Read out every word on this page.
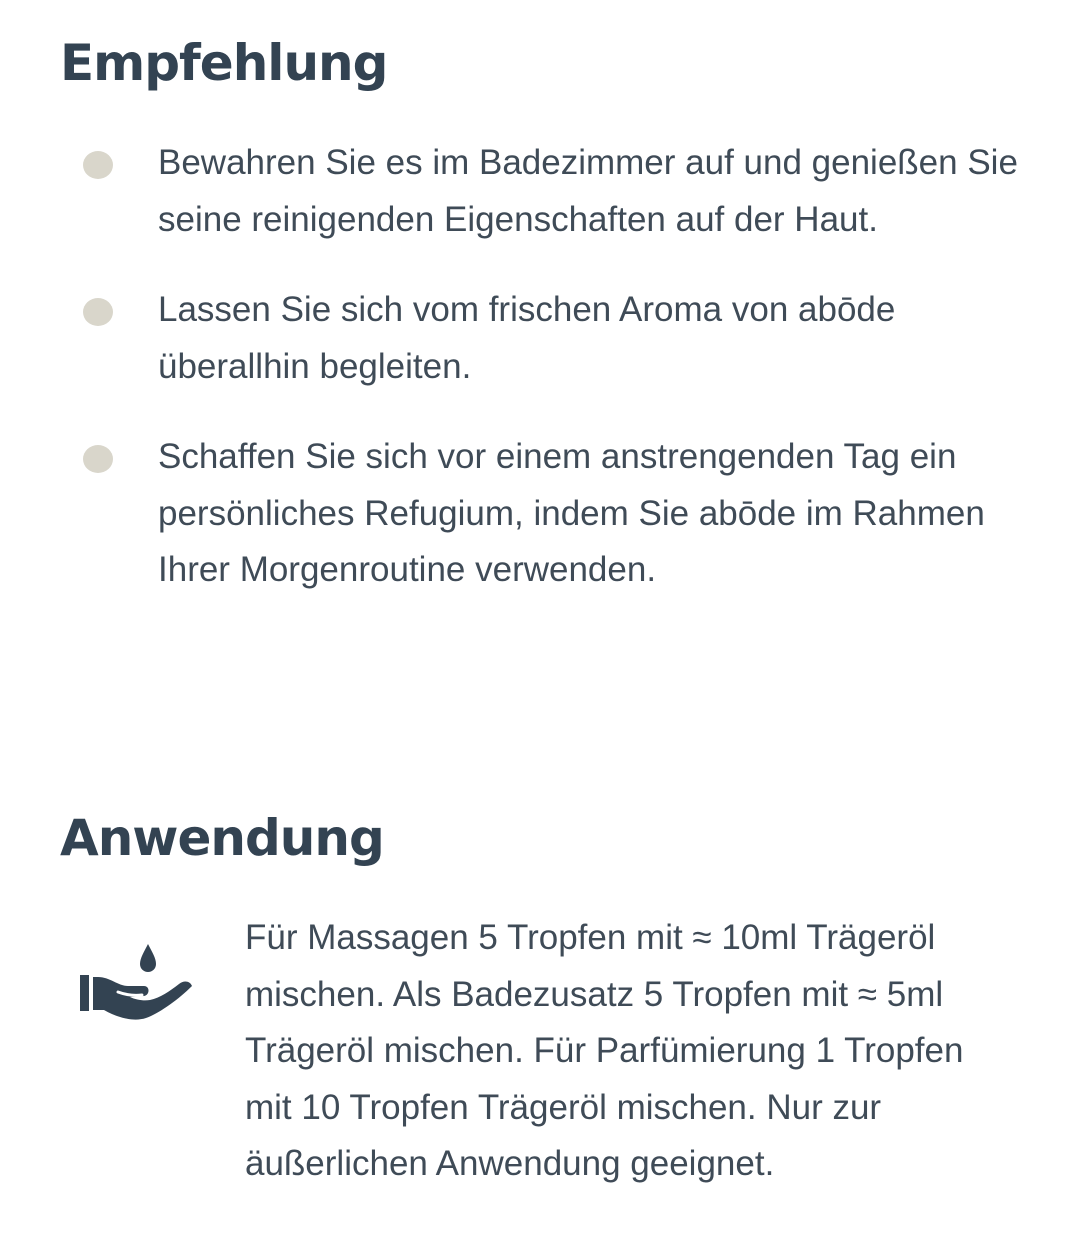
Empfehlung
Bewahren Sie es im Badezimmer auf und genießen Sie seine reinigenden Eigenschaften auf der Haut.
Lassen Sie sich vom frischen Aroma von abōde überallhin begleiten.
Schaffen Sie sich vor einem anstrengenden Tag ein persönliches Refugium, indem Sie abōde im Rahmen Ihrer Morgenroutine verwenden.
Anwendung

Für Massagen 5 Tropfen mit ≈ 10ml Trägeröl mischen. Als Badezusatz 5 Tropfen mit ≈ 5ml Trägeröl mischen. Für Parfümierung 1 Tropfen mit 10 Tropfen Trägeröl mischen. Nur zur äußerlichen Anwendung geeignet.
